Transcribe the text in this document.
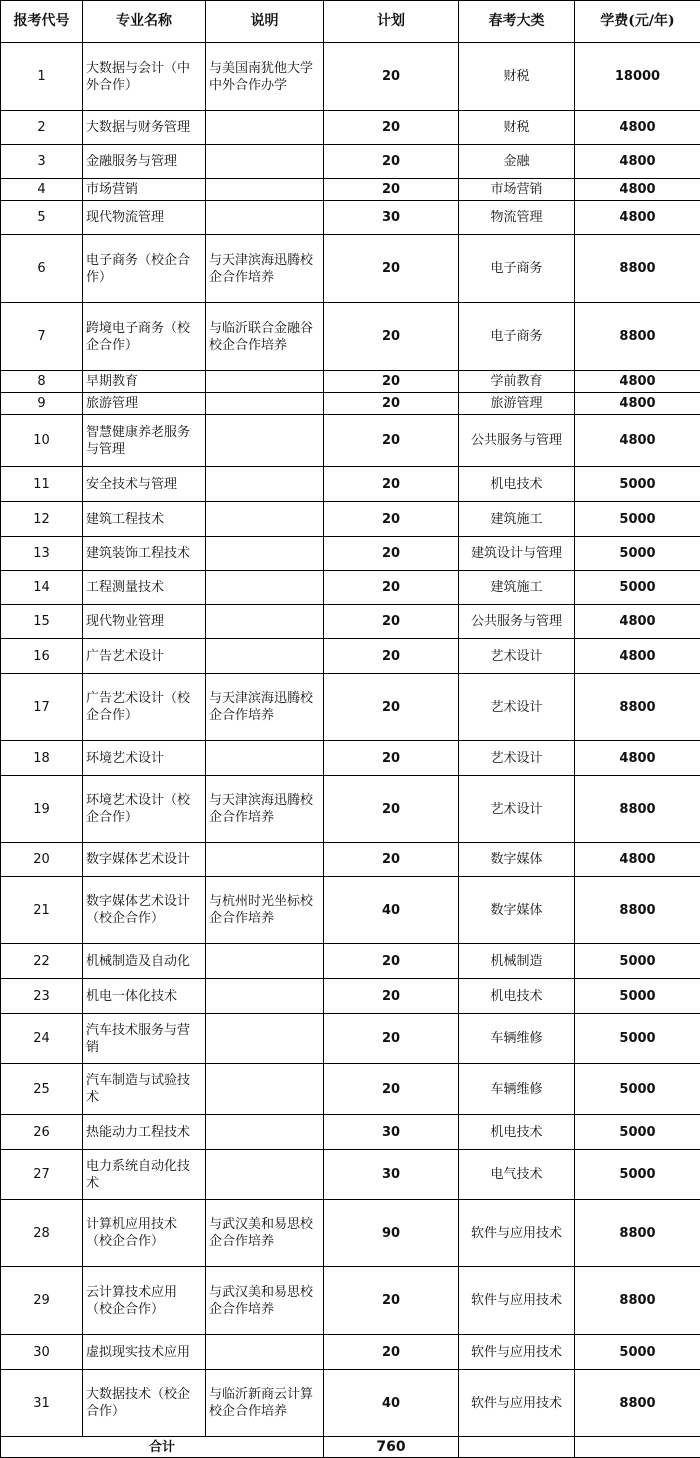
报考代号	专业名称	说明	计划	春考大类	学费(元/年)
1	大数据与会计（中外合作）	与美国南犹他大学中外合作办学	20	财税	18000
2	大数据与财务管理		20	财税	4800
3	金融服务与管理		20	金融	4800
4	市场营销		20	市场营销	4800
5	现代物流管理		30	物流管理	4800
6	电子商务（校企合作）	与天津滨海迅腾校企合作培养	20	电子商务	8800
7	跨境电子商务（校企合作）	与临沂联合金融谷校企合作培养	20	电子商务	8800
8	早期教育		20	学前教育	4800
9	旅游管理		20	旅游管理	4800
10	智慧健康养老服务与管理		20	公共服务与管理	4800
11	安全技术与管理		20	机电技术	5000
12	建筑工程技术		20	建筑施工	5000
13	建筑装饰工程技术		20	建筑设计与管理	5000
14	工程测量技术		20	建筑施工	5000
15	现代物业管理		20	公共服务与管理	4800
16	广告艺术设计		20	艺术设计	4800
17	广告艺术设计（校企合作）	与天津滨海迅腾校企合作培养	20	艺术设计	8800
18	环境艺术设计		20	艺术设计	4800
19	环境艺术设计（校企合作）	与天津滨海迅腾校企合作培养	20	艺术设计	8800
20	数字媒体艺术设计		20	数字媒体	4800
21	数字媒体艺术设计（校企合作）	与杭州时光坐标校企合作培养	40	数字媒体	8800
22	机械制造及自动化		20	机械制造	5000
23	机电一体化技术		20	机电技术	5000
24	汽车技术服务与营销		20	车辆维修	5000
25	汽车制造与试验技术		20	车辆维修	5000
26	热能动力工程技术		30	机电技术	5000
27	电力系统自动化技术		30	电气技术	5000
28	计算机应用技术（校企合作）	与武汉美和易思校企合作培养	90	软件与应用技术	8800
29	云计算技术应用（校企合作）	与武汉美和易思校企合作培养	20	软件与应用技术	8800
30	虚拟现实技术应用		20	软件与应用技术	5000
31	大数据技术（校企合作）	与临沂新商云计算校企合作培养	40	软件与应用技术	8800
合计			760		
